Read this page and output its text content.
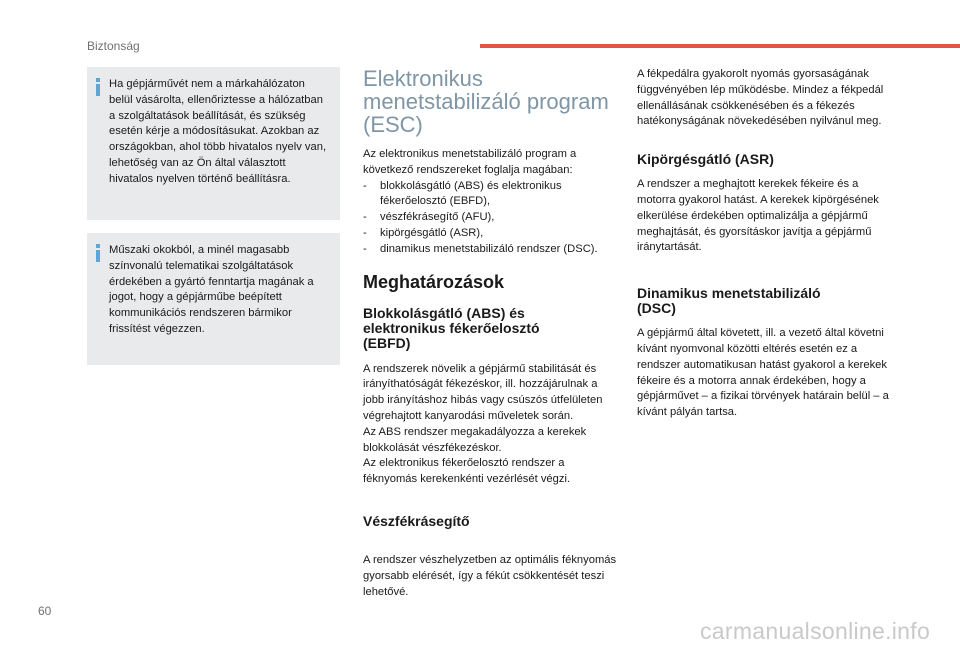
Biztonság

Ha gépjárművét nem a márkahálózaton belül vásárolta, ellenőriztesse a hálózatban a szolgáltatások beállítását, és szükség esetén kérje a módosításukat. Azokban az országokban, ahol több hivatalos nyelv van, lehetőség van az Ön által választott hivatalos nyelven történő beállításra.

Műszaki okokból, a minél magasabb színvonalú telematikai szolgáltatások érdekében a gyártó fenntartja magának a jogot, hogy a gépjárműbe beépített kommunikációs rendszeren bármikor frissítést végezzen.

Elektronikus
menetstabilizáló program
(ESC)

Az elektronikus menetstabilizáló program a következő rendszereket foglalja magában:

- blokkolásgátló (ABS) és elektronikus fékerőelosztó (EBFD),
- vészfékrásegítő (AFU),
- kipörgésgátló (ASR),
- dinamikus menetstabilizáló rendszer (DSC).
Meghatározások
Blokkolásgátló (ABS) és
elektronikus fékerőelosztó
(EBFD)

A rendszerek növelik a gépjármű stabilitását és irányíthatóságát fékezéskor, ill. hozzájárulnak a jobb irányításhoz hibás vagy csúszós útfelületen végrehajtott kanyarodási műveletek során.

Az ABS rendszer megakadályozza a kerekek blokkolását vészfékezéskor.

Az elektronikus fékerőelosztó rendszer a féknyomás kerekenkénti vezérlését végzi.

Vészfékrásegítő

A rendszer vészhelyzetben az optimális féknyomás gyorsabb elérését, így a fékút csökkentését teszi lehetővé.

A fékpedálra gyakorolt nyomás gyorsaságának függvényében lép működésbe. Mindez a fékpedál ellenállásának csökkenésében és a fékezés hatékonyságának növekedésében nyilvánul meg.

Kipörgésgátló (ASR)

A rendszer a meghajtott kerekek fékeire és a motorra gyakorol hatást. A kerekek kipörgésének elkerülése érdekében optimalizálja a gépjármű meghajtását, és gyorsításkor javítja a gépjármű iránytartását.

Dinamikus menetstabilizáló
(DSC)

A gépjármű által követett, ill. a vezető által követni kívánt nyomvonal közötti eltérés esetén ez a rendszer automatikusan hatást gyakorol a kerekek fékeire és a motorra annak érdekében, hogy a gépjárművet – a fizikai törvények határain belül – a kívánt pályán tartsa.

60
carmanualsonline.info
